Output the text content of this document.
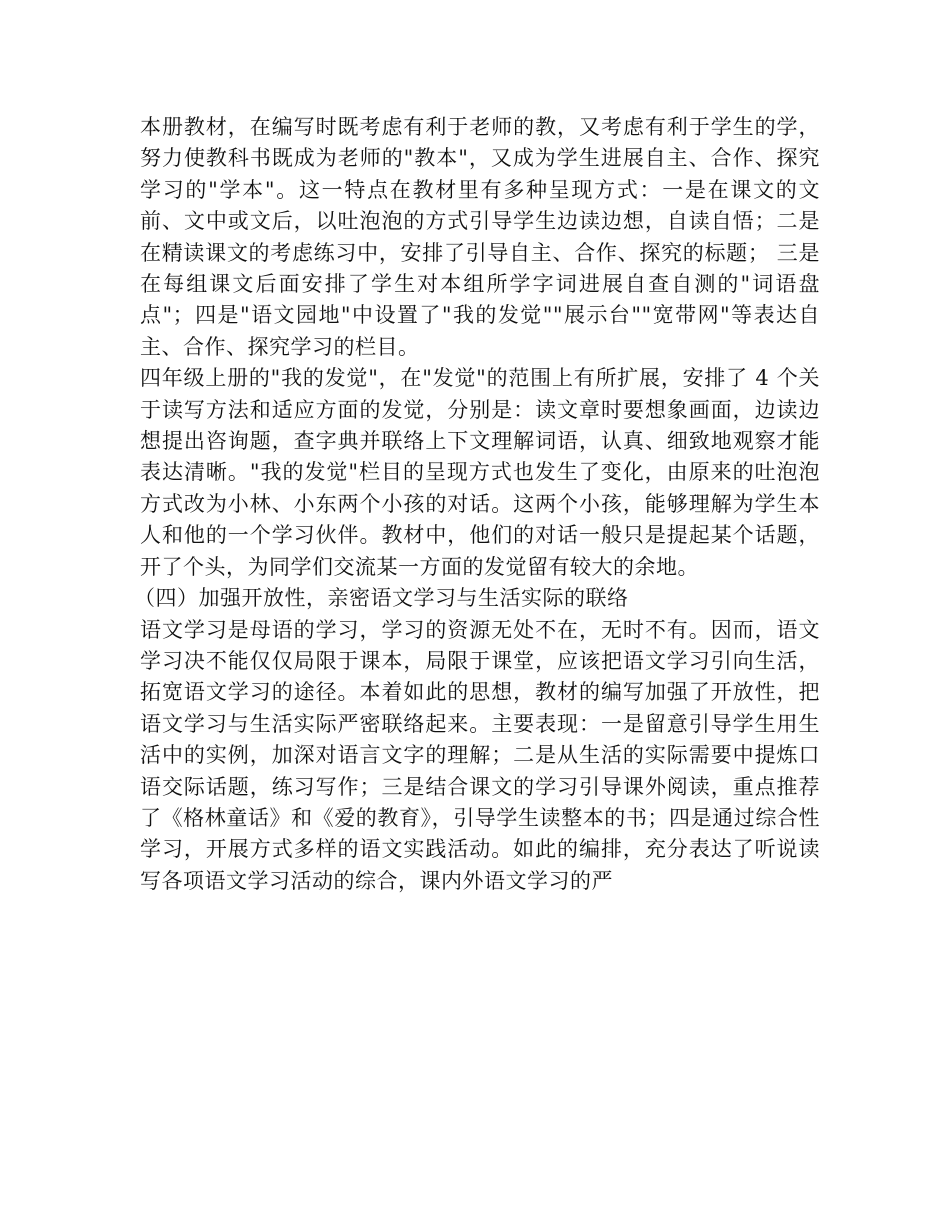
本册教材，在编写时既考虑有利于老师的教，又考虑有利于学生的学，努力使教科书既成为老师的"教本"，又成为学生进展自主、合作、探究学习的"学本"。这一特点在教材里有多种呈现方式：一是在课文的文前、文中或文后，以吐泡泡的方式引导学生边读边想，自读自悟；二是在精读课文的考虑练习中，安排了引导自主、合作、探究的标题； 三是在每组课文后面安排了学生对本组所学字词进展自查自测的"词语盘点"；四是"语文园地"中设置了"我的发觉""展示台""宽带网"等表达自主、合作、探究学习的栏目。

四年级上册的"我的发觉"，在"发觉"的范围上有所扩展，安排了 4 个关于读写方法和适应方面的发觉，分别是：读文章时要想象画面，边读边想提出咨询题，查字典并联络上下文理解词语，认真、细致地观察才能表达清晰。"我的发觉"栏目的呈现方式也发生了变化，由原来的吐泡泡方式改为小林、小东两个小孩的对话。这两个小孩，能够理解为学生本人和他的一个学习伙伴。教材中，他们的对话一般只是提起某个话题，开了个头，为同学们交流某一方面的发觉留有较大的余地。

（四）加强开放性，亲密语文学习与生活实际的联络

语文学习是母语的学习，学习的资源无处不在，无时不有。因而，语文学习决不能仅仅局限于课本，局限于课堂，应该把语文学习引向生活，拓宽语文学习的途径。本着如此的思想，教材的编写加强了开放性，把语文学习与生活实际严密联络起来。主要表现：一是留意引导学生用生活中的实例，加深对语言文字的理解；二是从生活的实际需要中提炼口语交际话题，练习写作；三是结合课文的学习引导课外阅读，重点推荐了《格林童话》和《爱的教育》，引导学生读整本的书；四是通过综合性学习，开展方式多样的语文实践活动。如此的编排，充分表达了听说读写各项语文学习活动的综合，课内外语文学习的严
